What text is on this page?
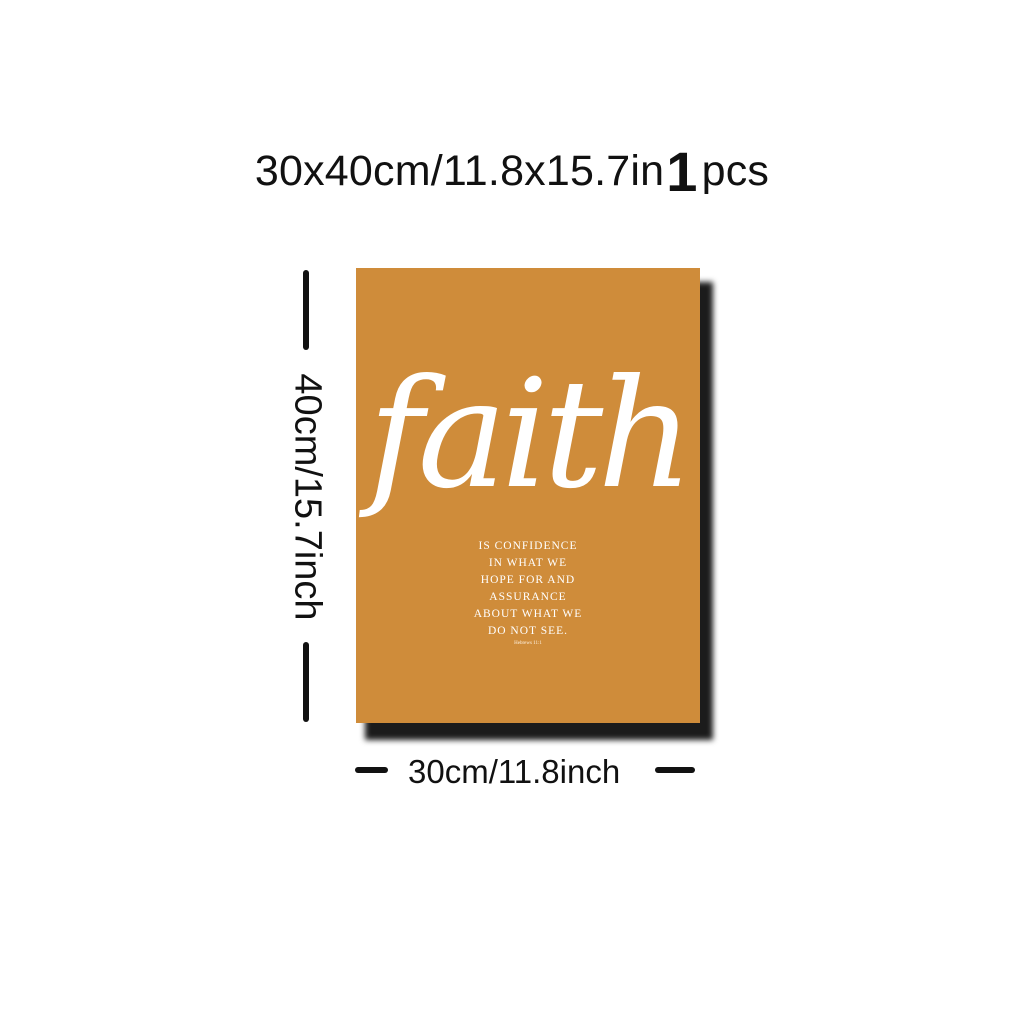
30x40cm/11.8x15.7in1pcs
40cm/15.7inch faith
IS CONFIDENCE
IN WHAT WE
HOPE FOR AND
ASSURANCE
ABOUT WHAT WE
DO NOT SEE.
Hebrews 11:1
30cm/11.8inch
